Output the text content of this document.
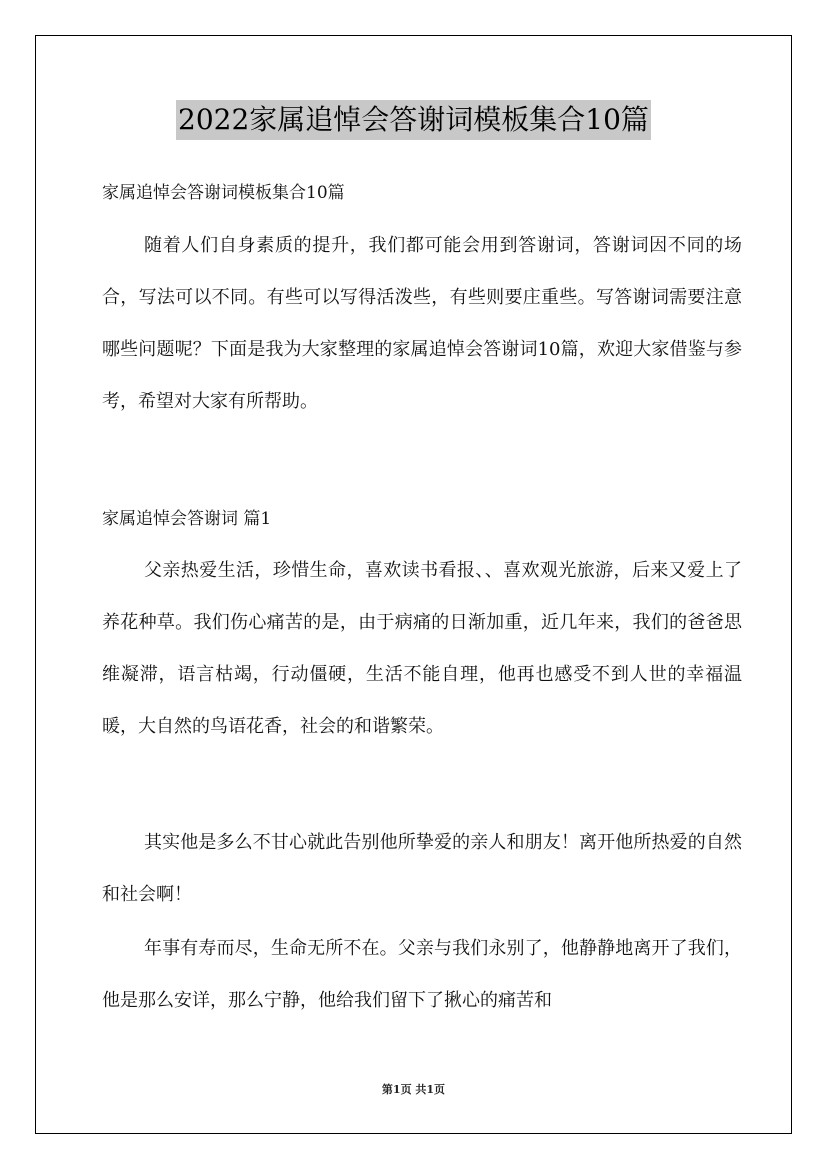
2022家属追悼会答谢词模板集合10篇
家属追悼会答谢词模板集合10篇

随着人们自身素质的提升，我们都可能会用到答谢词，答谢词因不同的场合，写法可以不同。有些可以写得活泼些，有些则要庄重些。写答谢词需要注意哪些问题呢？下面是我为大家整理的家属追悼会答谢词10篇，欢迎大家借鉴与参考，希望对大家有所帮助。

家属追悼会答谢词 篇1

父亲热爱生活，珍惜生命，喜欢读书看报、、喜欢观光旅游，后来又爱上了养花种草。我们伤心痛苦的是，由于病痛的日渐加重，近几年来，我们的爸爸思维凝滞，语言枯竭，行动僵硬，生活不能自理，他再也感受不到人世的幸福温暖，大自然的鸟语花香，社会的和谐繁荣。

其实他是多么不甘心就此告别他所挚爱的亲人和朋友！离开他所热爱的自然和社会啊！

年事有寿而尽，生命无所不在。父亲与我们永别了，他静静地离开了我们，他是那么安详，那么宁静，他给我们留下了揪心的痛苦和

第1页 共1页
